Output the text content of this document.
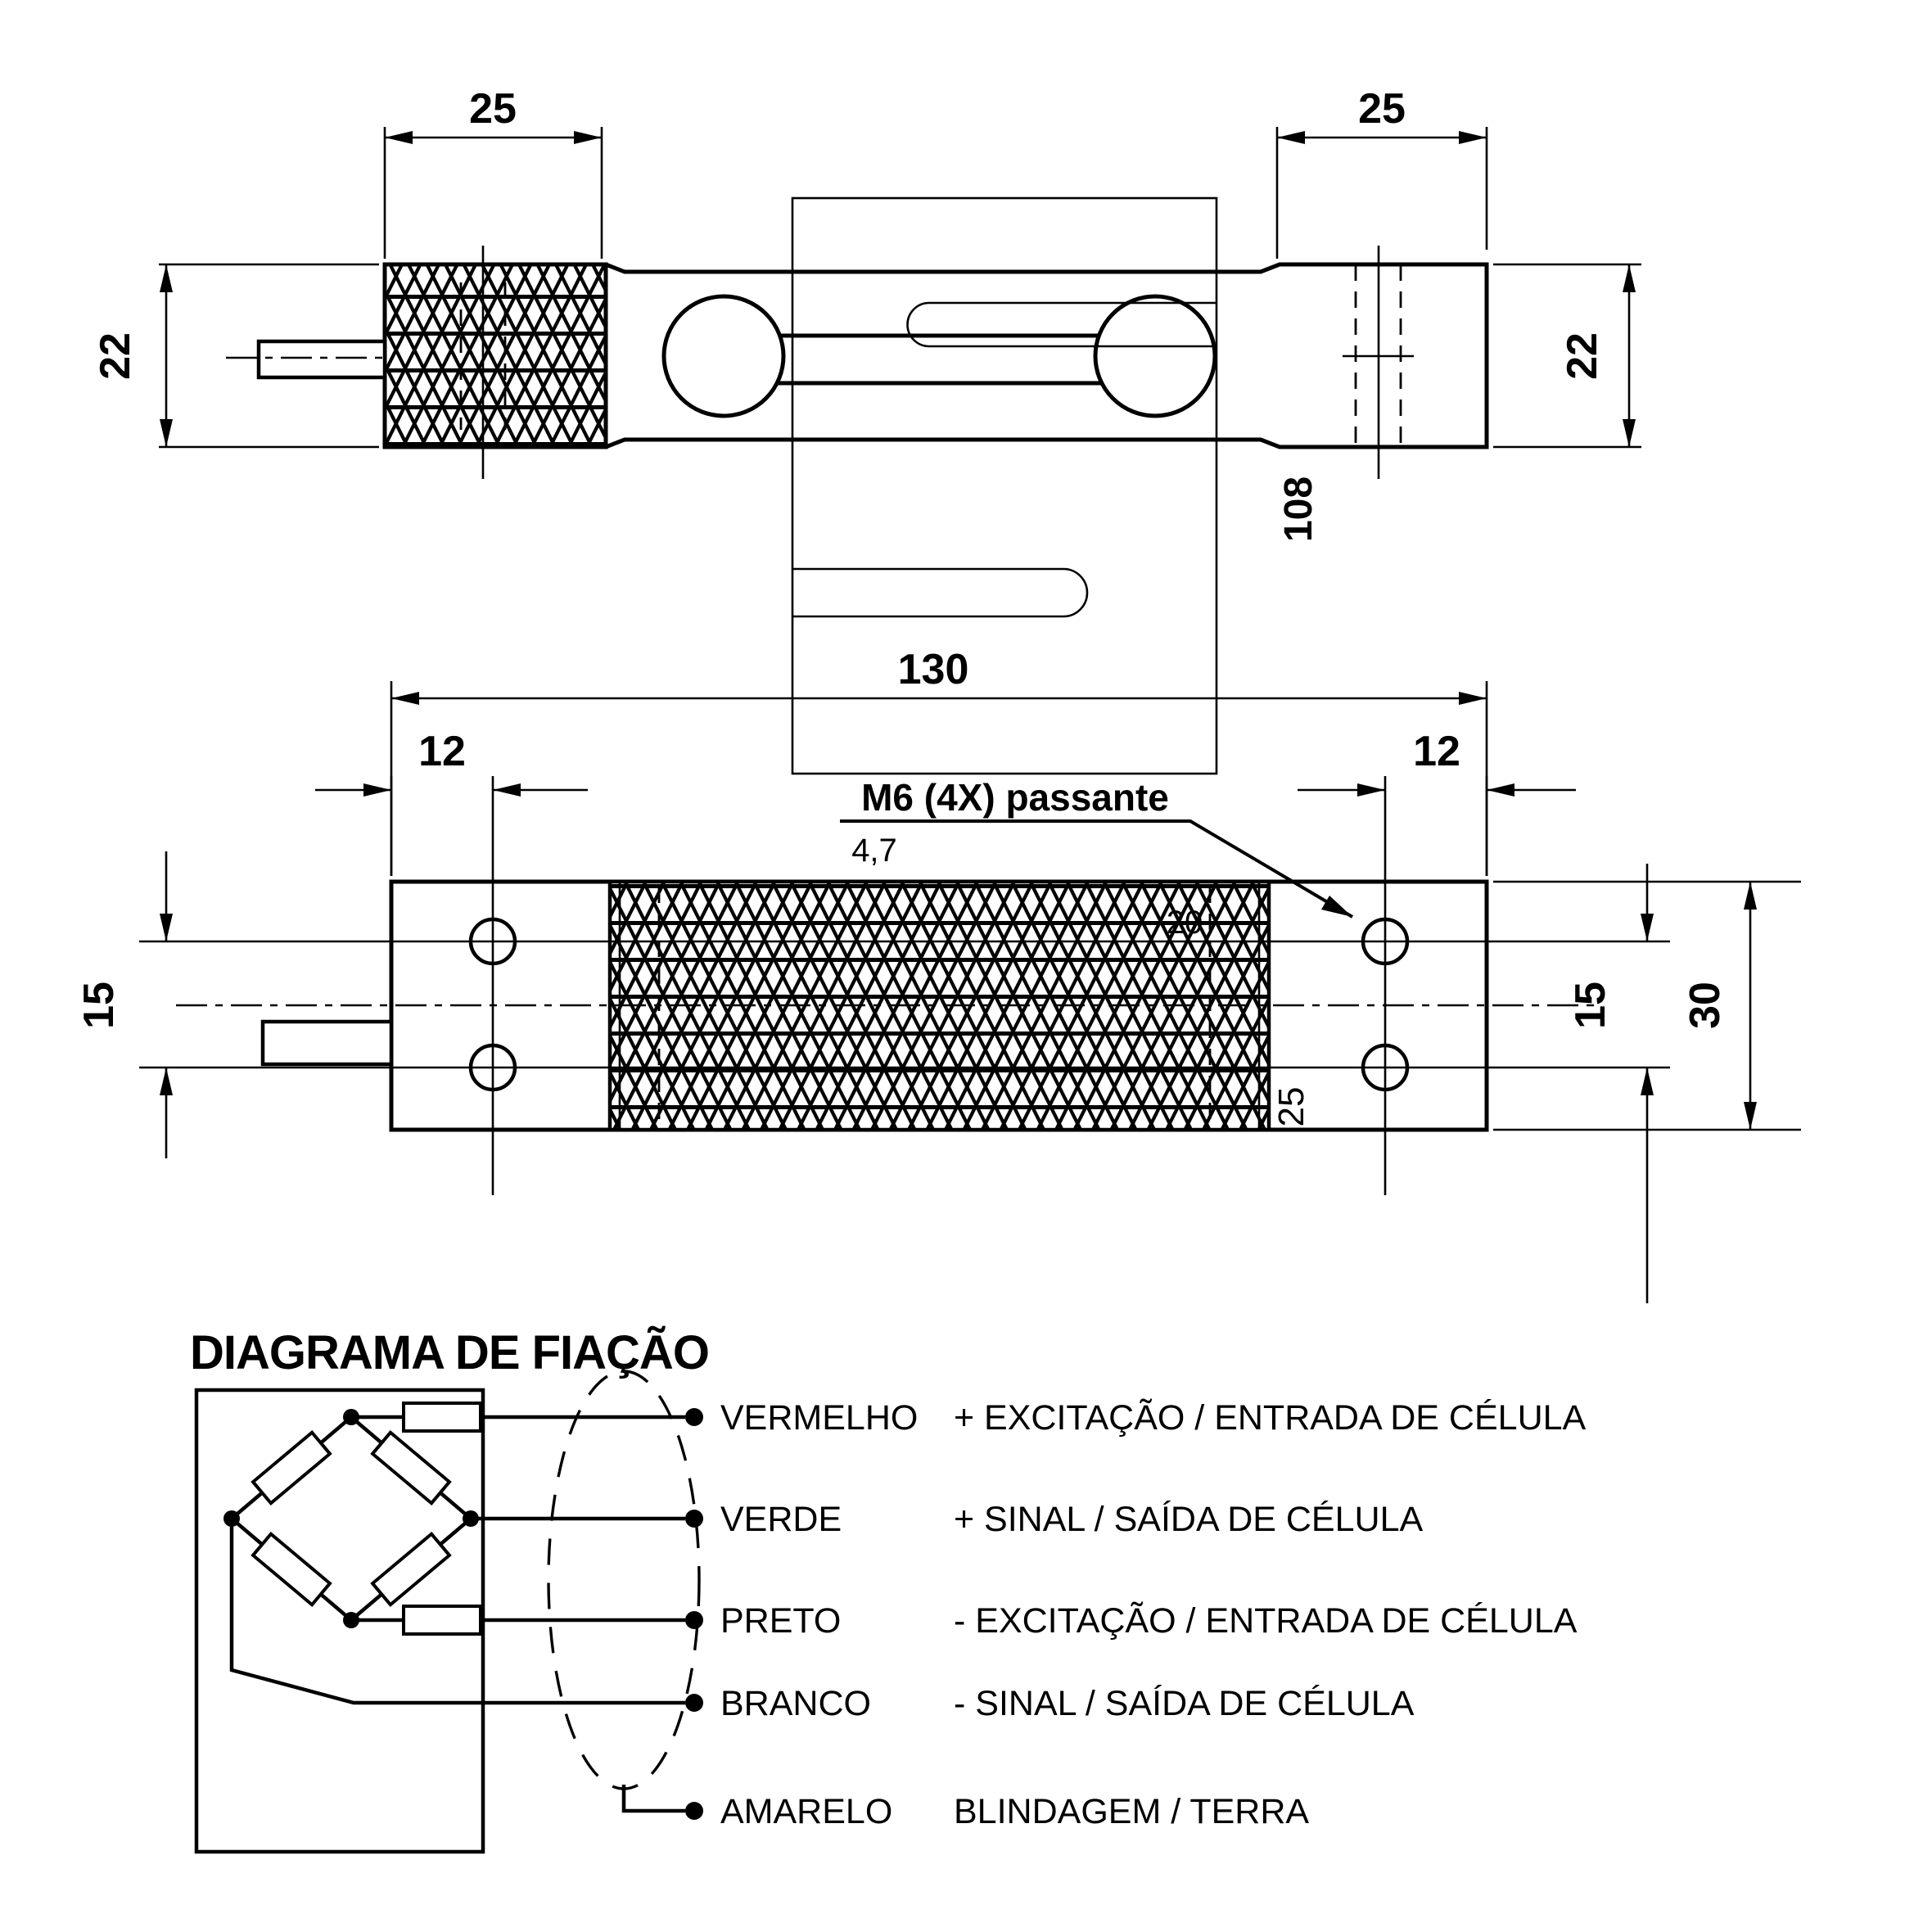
25	25
22	22
108
130
12	12
M6 (4X) passante
4,7
20
25
15	15 30
DIAGRAMA DE FIAÇÃO
VERMELHO + EXCITAÇÃO / ENTRADA DE CÉLULA
VERDE	+ SINAL / SAÍDA DE CÉLULA
PRETO	- EXCITAÇÃO / ENTRADA DE CÉLULA
BRANCO - SINAL / SAÍDA DE CÉLULA
AMARELO BLINDAGEM / TERRA
